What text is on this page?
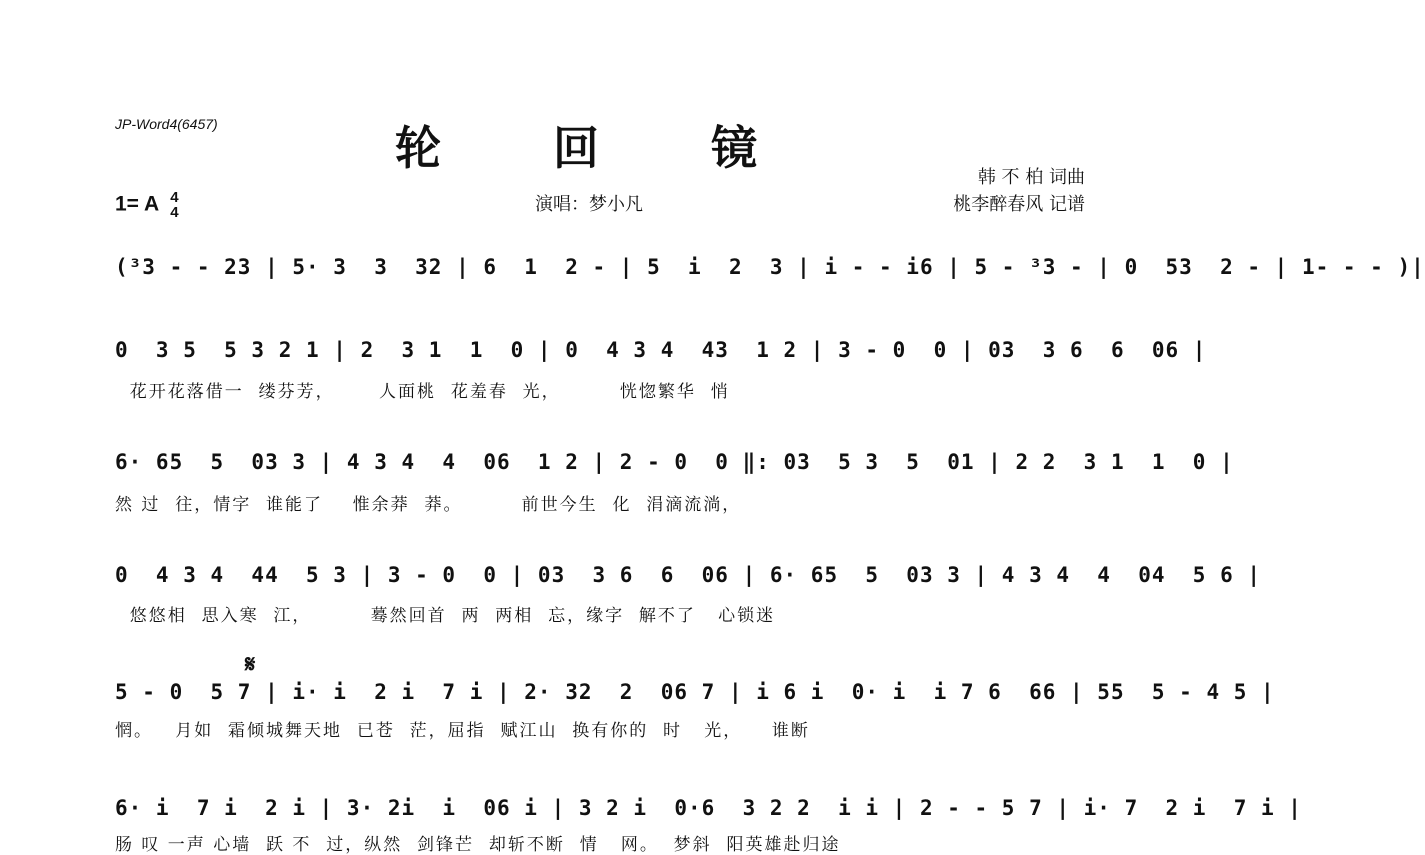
JP-Word4(6457)	轮 回 镜
韩 不 柏 词曲
桃李醉春风 记谱
1= A 4
4	演唱：梦小凡
(³3 - - 23 | 5· 3  3  32 | 6  1  2 - | 5  i  2  3 | i - - i6 | 5 - ³3 - | 0  53  2 - | 1- - - )|
0  3 5  5 3 2 1 | 2  3 1  1  0 | 0  4 3 4  43  1 2 | 3 - 0  0 | 03  3 6  6  06 |
花开花落借一  缕芬芳，      人面桃  花羞春  光，        恍惚繁华  悄
6· 65  5  03 3 | 4 3 4  4  06  1 2 | 2 - 0  0 ‖: 03  5 3  5  01 | 2 2  3 1  1  0 |
然 过  往，情字  谁能了    惟余莽  莽。        前世今生  化  涓滴流淌，
0  4 3 4  44  5 3 | 3 - 0  0 | 03  3 6  6  06 | 6· 65  5  03 3 | 4 3 4  4  04  5 6 |
悠悠相  思入寒  江，        蓦然回首  两  两相  忘，缘字  解不了   心锁迷
𝄋
5 - 0  5 7 | i· i  2 i  7 i | 2· 32  2  06 7 | i 6 i  0· i  i 7 6  66 | 55  5 - 4 5 |
惘。   月如  霜倾城舞天地  已苍  茫，屈指  赋江山  换有你的  时   光，    谁断
6· i  7 i  2 i | 3· 2i  i  06 i | 3 2 i  0·6  3 2 2  i i | 2 - - 5 7 | i· 7  2 i  7 i |
肠 叹 一声 心墙  跃 不  过，纵然  剑锋芒  却斩不断  情   网。  梦斜  阳英雄赴归途
